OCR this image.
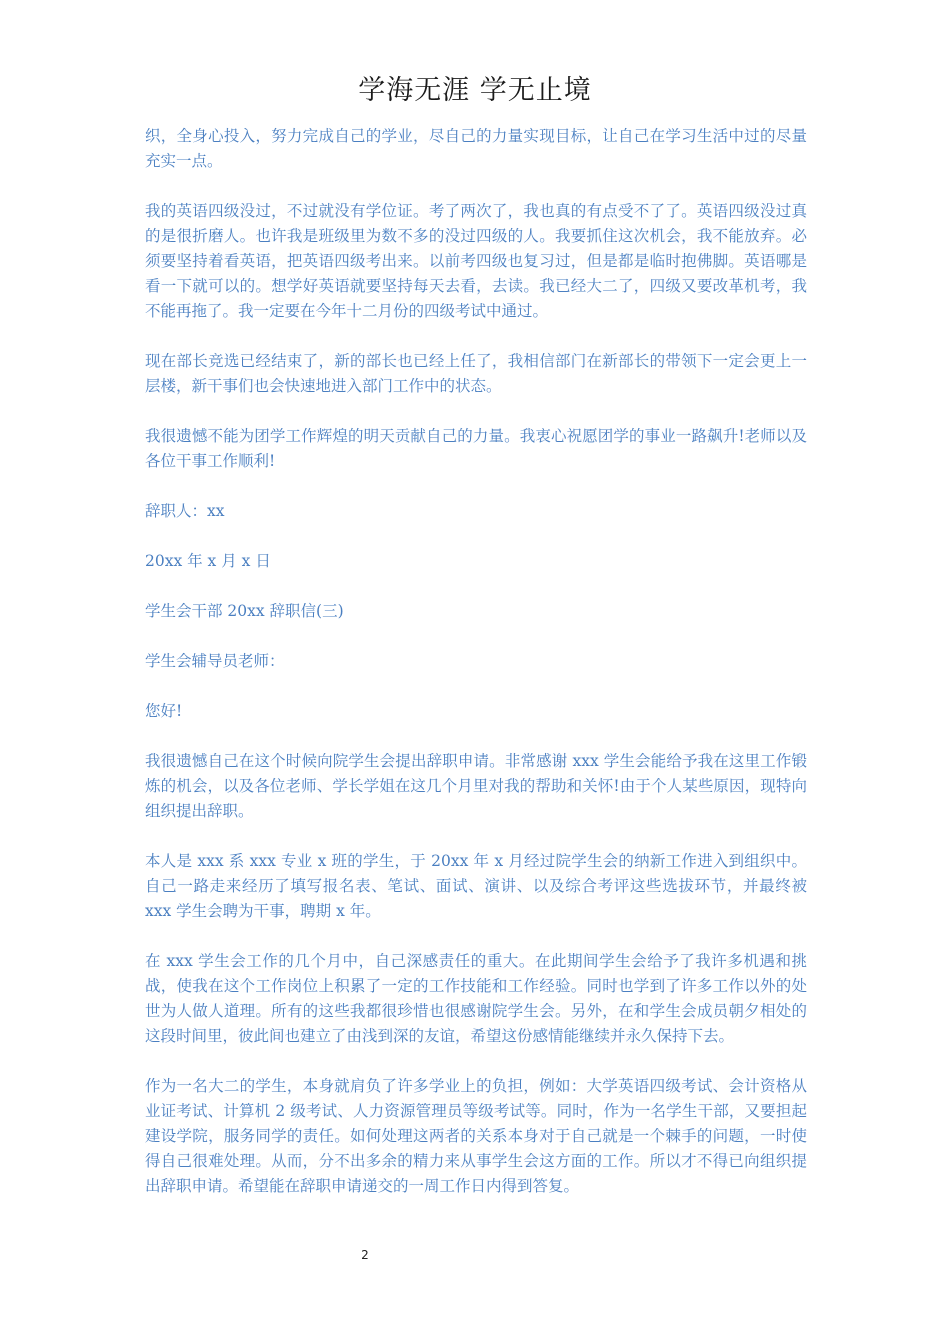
学海无涯 学无止境

织，全身心投入，努力完成自己的学业，尽自己的力量实现目标，让自己在学习生活中过的尽量充实一点。

我的英语四级没过，不过就没有学位证。考了两次了，我也真的有点受不了了。英语四级没过真的是很折磨人。也许我是班级里为数不多的没过四级的人。我要抓住这次机会，我不能放弃。必须要坚持着看英语，把英语四级考出来。以前考四级也复习过，但是都是临时抱佛脚。英语哪是看一下就可以的。想学好英语就要坚持每天去看，去读。我已经大二了，四级又要改革机考，我不能再拖了。我一定要在今年十二月份的四级考试中通过。

现在部长竞选已经结束了，新的部长也已经上任了，我相信部门在新部长的带领下一定会更上一层楼，新干事们也会快速地进入部门工作中的状态。

我很遗憾不能为团学工作辉煌的明天贡献自己的力量。我衷心祝愿团学的事业一路飙升!老师以及各位干事工作顺利!

辞职人：xx

20xx 年 x 月 x 日

学生会干部 20xx 辞职信(三)

学生会辅导员老师：

您好!

我很遗憾自己在这个时候向院学生会提出辞职申请。非常感谢 xxx 学生会能给予我在这里工作锻炼的机会，以及各位老师、学长学姐在这几个月里对我的帮助和关怀!由于个人某些原因，现特向组织提出辞职。

本人是 xxx 系 xxx 专业 x 班的学生，于 20xx 年 x 月经过院学生会的纳新工作进入到组织中。自己一路走来经历了填写报名表、笔试、面试、演讲、以及综合考评这些选拔环节，并最终被 xxx 学生会聘为干事，聘期 x 年。

在 xxx 学生会工作的几个月中，自己深感责任的重大。在此期间学生会给予了我许多机遇和挑战，使我在这个工作岗位上积累了一定的工作技能和工作经验。同时也学到了许多工作以外的处世为人做人道理。所有的这些我都很珍惜也很感谢院学生会。另外，在和学生会成员朝夕相处的这段时间里，彼此间也建立了由浅到深的友谊，希望这份感情能继续并永久保持下去。

作为一名大二的学生，本身就肩负了许多学业上的负担，例如：大学英语四级考试、会计资格从业证考试、计算机 2 级考试、人力资源管理员等级考试等。同时，作为一名学生干部，又要担起建设学院，服务同学的责任。如何处理这两者的关系本身对于自己就是一个棘手的问题，一时使得自己很难处理。从而，分不出多余的精力来从事学生会这方面的工作。所以才不得已向组织提出辞职申请。希望能在辞职申请递交的一周工作日内得到答复。

2
